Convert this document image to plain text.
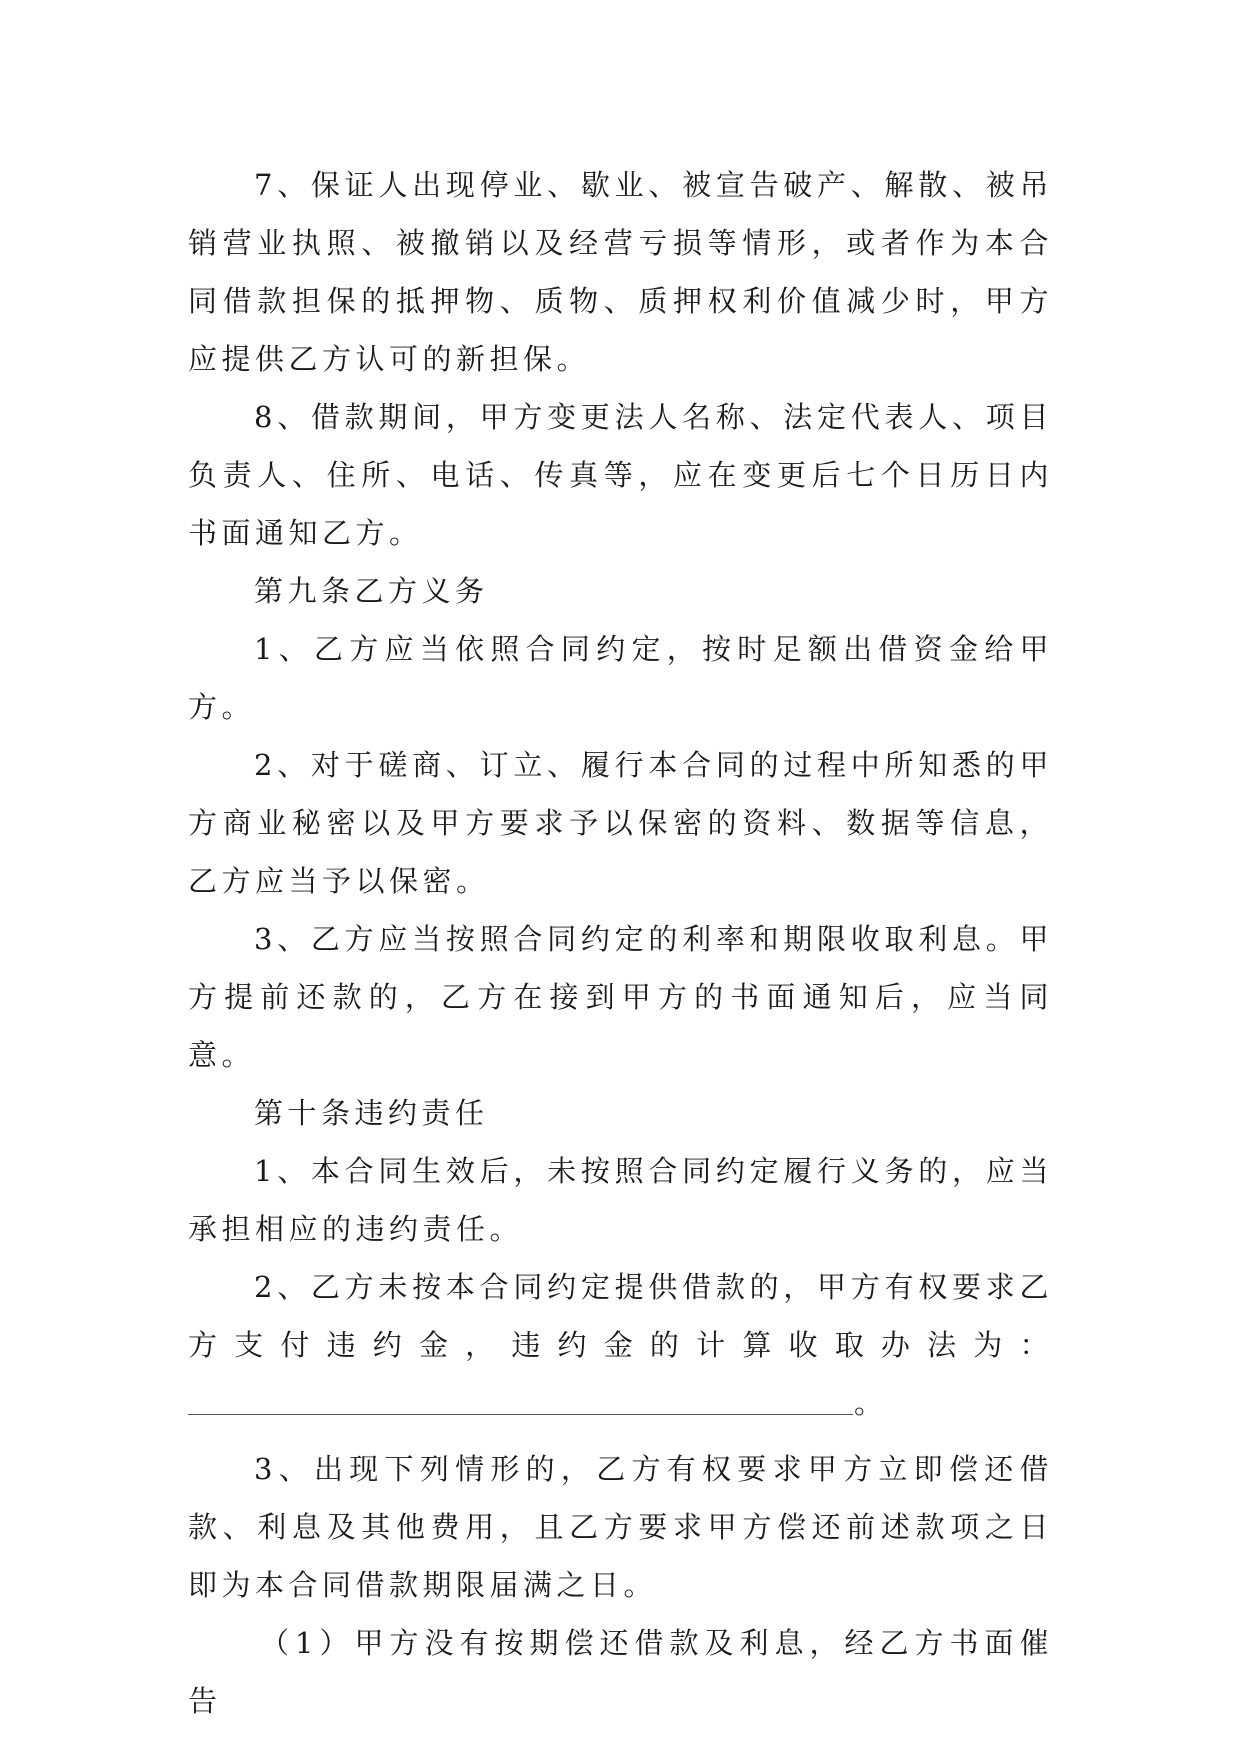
7、保证人出现停业、歇业、被宣告破产、解散、被吊销营业执照、被撤销以及经营亏损等情形，或者作为本合同借款担保的抵押物、质物、质押权利价值减少时，甲方应提供乙方认可的新担保。

8、借款期间，甲方变更法人名称、法定代表人、项目负责人、住所、电话、传真等，应在变更后七个日历日内书面通知乙方。

第九条乙方义务

1、乙方应当依照合同约定，按时足额出借资金给甲方。

2、对于磋商、订立、履行本合同的过程中所知悉的甲方商业秘密以及甲方要求予以保密的资料、数据等信息，乙方应当予以保密。

3、乙方应当按照合同约定的利率和期限收取利息。甲方提前还款的，乙方在接到甲方的书面通知后，应当同意。

第十条违约责任

1、本合同生效后，未按照合同约定履行义务的，应当承担相应的违约责任。

2、乙方未按本合同约定提供借款的，甲方有权要求乙方支付违约金，违约金的计算收取办法为：

。

3、出现下列情形的，乙方有权要求甲方立即偿还借款、利息及其他费用，且乙方要求甲方偿还前述款项之日即为本合同借款期限届满之日。

（1）甲方没有按期偿还借款及利息，经乙方书面催告
